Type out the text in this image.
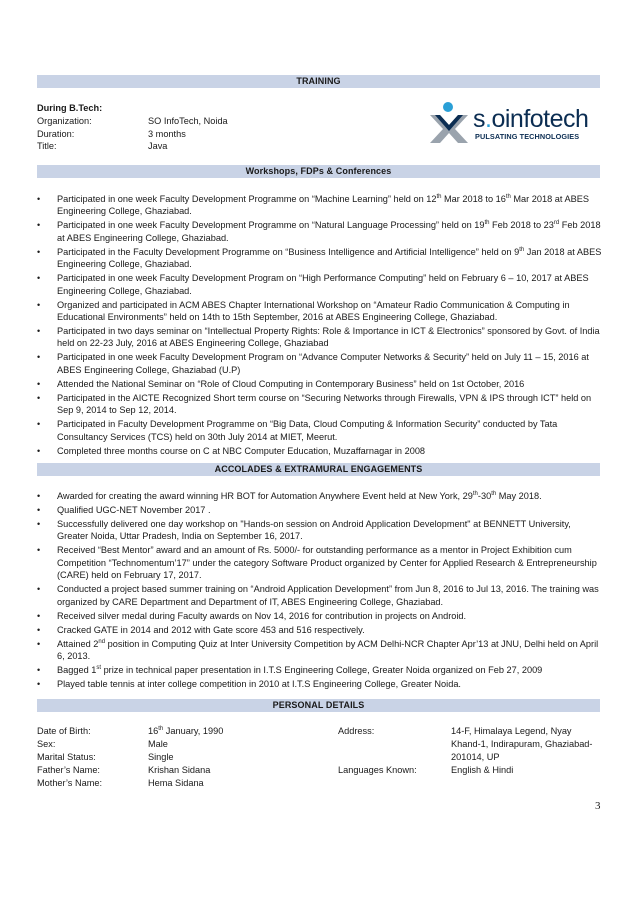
TRAINING
During B.Tech:
Organization:	SO InfoTech, Noida
Duration:	3 months
Title:	Java
s.oinfotech
PULSATING TECHNOLOGIES
Workshops, FDPs & Conferences
• Participated in one week Faculty Development Programme on “Machine Learning” held on 12th Mar 2018 to 16th Mar 2018 at ABES Engineering College, Ghaziabad.
• Participated in one week Faculty Development Programme on “Natural Language Processing” held on 19th Feb 2018 to 23rd Feb 2018 at ABES Engineering College, Ghaziabad.
• Participated in the Faculty Development Programme on “Business Intelligence and Artificial Intelligence” held on 9th Jan 2018 at ABES Engineering College, Ghaziabad.
• Participated in one week Faculty Development Program on “High Performance Computing” held on February 6 – 10, 2017 at ABES Engineering College, Ghaziabad.
• Organized and participated in ACM ABES Chapter International Workshop on “Amateur Radio Communication & Computing in Educational Environments” held on 14th to 15th September, 2016 at ABES Engineering College, Ghaziabad.
• Participated in two days seminar on “Intellectual Property Rights: Role & Importance in ICT & Electronics” sponsored by Govt. of India held on 22-23 July, 2016 at ABES Engineering College, Ghaziabad
• Participated in one week Faculty Development Program on “Advance Computer Networks & Security” held on July 11 – 15, 2016 at ABES Engineering College, Ghaziabad (U.P)
• Attended the National Seminar on “Role of Cloud Computing in Contemporary Business” held on 1st October, 2016
• Participated in the AICTE Recognized Short term course on “Securing Networks through Firewalls, VPN & IPS through ICT” held on Sep 9, 2014 to Sep 12, 2014.
• Participated in Faculty Development Programme on “Big Data, Cloud Computing & Information Security” conducted by Tata Consultancy Services (TCS) held on 30th July 2014 at MIET, Meerut.
• Completed three months course on C at NBC Computer Education, Muzaffarnagar in 2008
ACCOLADES & EXTRAMURAL ENGAGEMENTS
• Awarded for creating the award winning HR BOT for Automation Anywhere Event held at New York, 29th-30th May 2018.
• Qualified UGC-NET November 2017 .
• Successfully delivered one day workshop on "Hands-on session on Android Application Development" at BENNETT University, Greater Noida, Uttar Pradesh, India on September 16, 2017.
• Received “Best Mentor” award and an amount of Rs. 5000/- for outstanding performance as a mentor in Project Exhibition cum Competition “Technomentum’17” under the category Software Product organized by Center for Applied Research & Entrepreneurship (CARE) held on February 17, 2017.
• Conducted a project based summer training on “Android Application Development” from Jun 8, 2016 to Jul 13, 2016. The training was organized by CARE Department and Department of IT, ABES Engineering College, Ghaziabad.
• Received silver medal during Faculty awards on Nov 14, 2016 for contribution in projects on Android.
• Cracked GATE in 2014 and 2012 with Gate score 453 and 516 respectively.
• Attained 2nd position in Computing Quiz at Inter University Competition by ACM Delhi-NCR Chapter Apr’13 at JNU, Delhi held on April 6, 2013.
• Bagged 1st prize in technical paper presentation in I.T.S Engineering College, Greater Noida organized on Feb 27, 2009
• Played table tennis at inter college competition in 2010 at I.T.S Engineering College, Greater Noida.
PERSONAL DETAILS
Date of Birth:	16th January, 1990
Sex:	Male
Marital Status:	Single
Father’s Name:	Krishan Sidana
Mother’s Name:	Hema Sidana
Address:	14-F, Himalaya Legend, Nyay
Khand-1, Indirapuram, Ghaziabad-
201014, UP
Languages Known:	English & Hindi
3
